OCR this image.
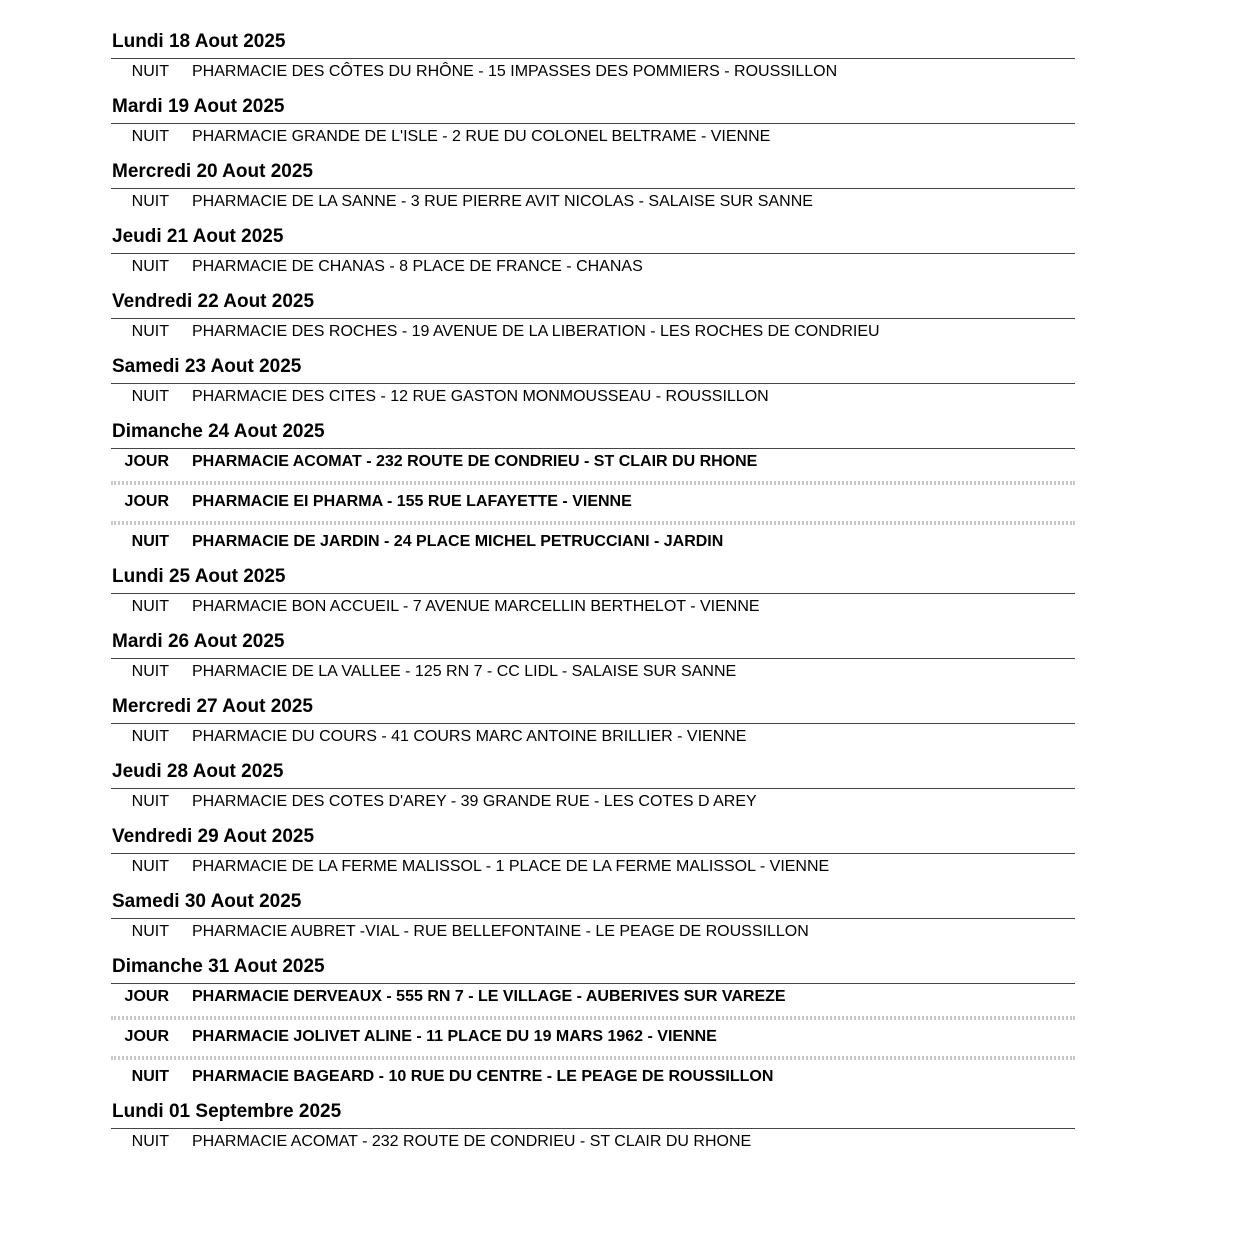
Lundi 18 Aout 2025
NUIT	PHARMACIE DES CÔTES DU RHÔNE - 15 IMPASSES DES POMMIERS - ROUSSILLON
Mardi 19 Aout 2025
NUIT	PHARMACIE GRANDE DE L'ISLE - 2 RUE DU COLONEL BELTRAME - VIENNE
Mercredi 20 Aout 2025
NUIT	PHARMACIE DE LA SANNE - 3 RUE PIERRE AVIT NICOLAS - SALAISE SUR SANNE
Jeudi 21 Aout 2025
NUIT	PHARMACIE DE CHANAS - 8 PLACE DE FRANCE - CHANAS
Vendredi 22 Aout 2025
NUIT	PHARMACIE DES ROCHES - 19 AVENUE DE LA LIBERATION - LES ROCHES DE CONDRIEU
Samedi 23 Aout 2025
NUIT	PHARMACIE DES CITES - 12 RUE GASTON MONMOUSSEAU - ROUSSILLON
Dimanche 24 Aout 2025
JOUR	PHARMACIE ACOMAT - 232 ROUTE DE CONDRIEU - ST CLAIR DU RHONE
JOUR	PHARMACIE EI PHARMA - 155 RUE LAFAYETTE - VIENNE
NUIT	PHARMACIE DE JARDIN - 24 PLACE MICHEL PETRUCCIANI - JARDIN
Lundi 25 Aout 2025
NUIT	PHARMACIE BON ACCUEIL - 7 AVENUE MARCELLIN BERTHELOT - VIENNE
Mardi 26 Aout 2025
NUIT	PHARMACIE DE LA VALLEE - 125 RN 7 - CC LIDL - SALAISE SUR SANNE
Mercredi 27 Aout 2025
NUIT	PHARMACIE DU COURS - 41 COURS MARC ANTOINE BRILLIER - VIENNE
Jeudi 28 Aout 2025
NUIT	PHARMACIE DES COTES D'AREY - 39 GRANDE RUE - LES COTES D AREY
Vendredi 29 Aout 2025
NUIT	PHARMACIE DE LA FERME MALISSOL - 1 PLACE DE LA FERME MALISSOL - VIENNE
Samedi 30 Aout 2025
NUIT	PHARMACIE AUBRET -VIAL - RUE BELLEFONTAINE - LE PEAGE DE ROUSSILLON
Dimanche 31 Aout 2025
JOUR	PHARMACIE DERVEAUX - 555 RN 7 - LE VILLAGE - AUBERIVES SUR VAREZE
JOUR	PHARMACIE JOLIVET ALINE - 11 PLACE DU 19 MARS 1962 - VIENNE
NUIT	PHARMACIE BAGEARD - 10 RUE DU CENTRE - LE PEAGE DE ROUSSILLON
Lundi 01 Septembre 2025
NUIT	PHARMACIE ACOMAT - 232 ROUTE DE CONDRIEU - ST CLAIR DU RHONE
